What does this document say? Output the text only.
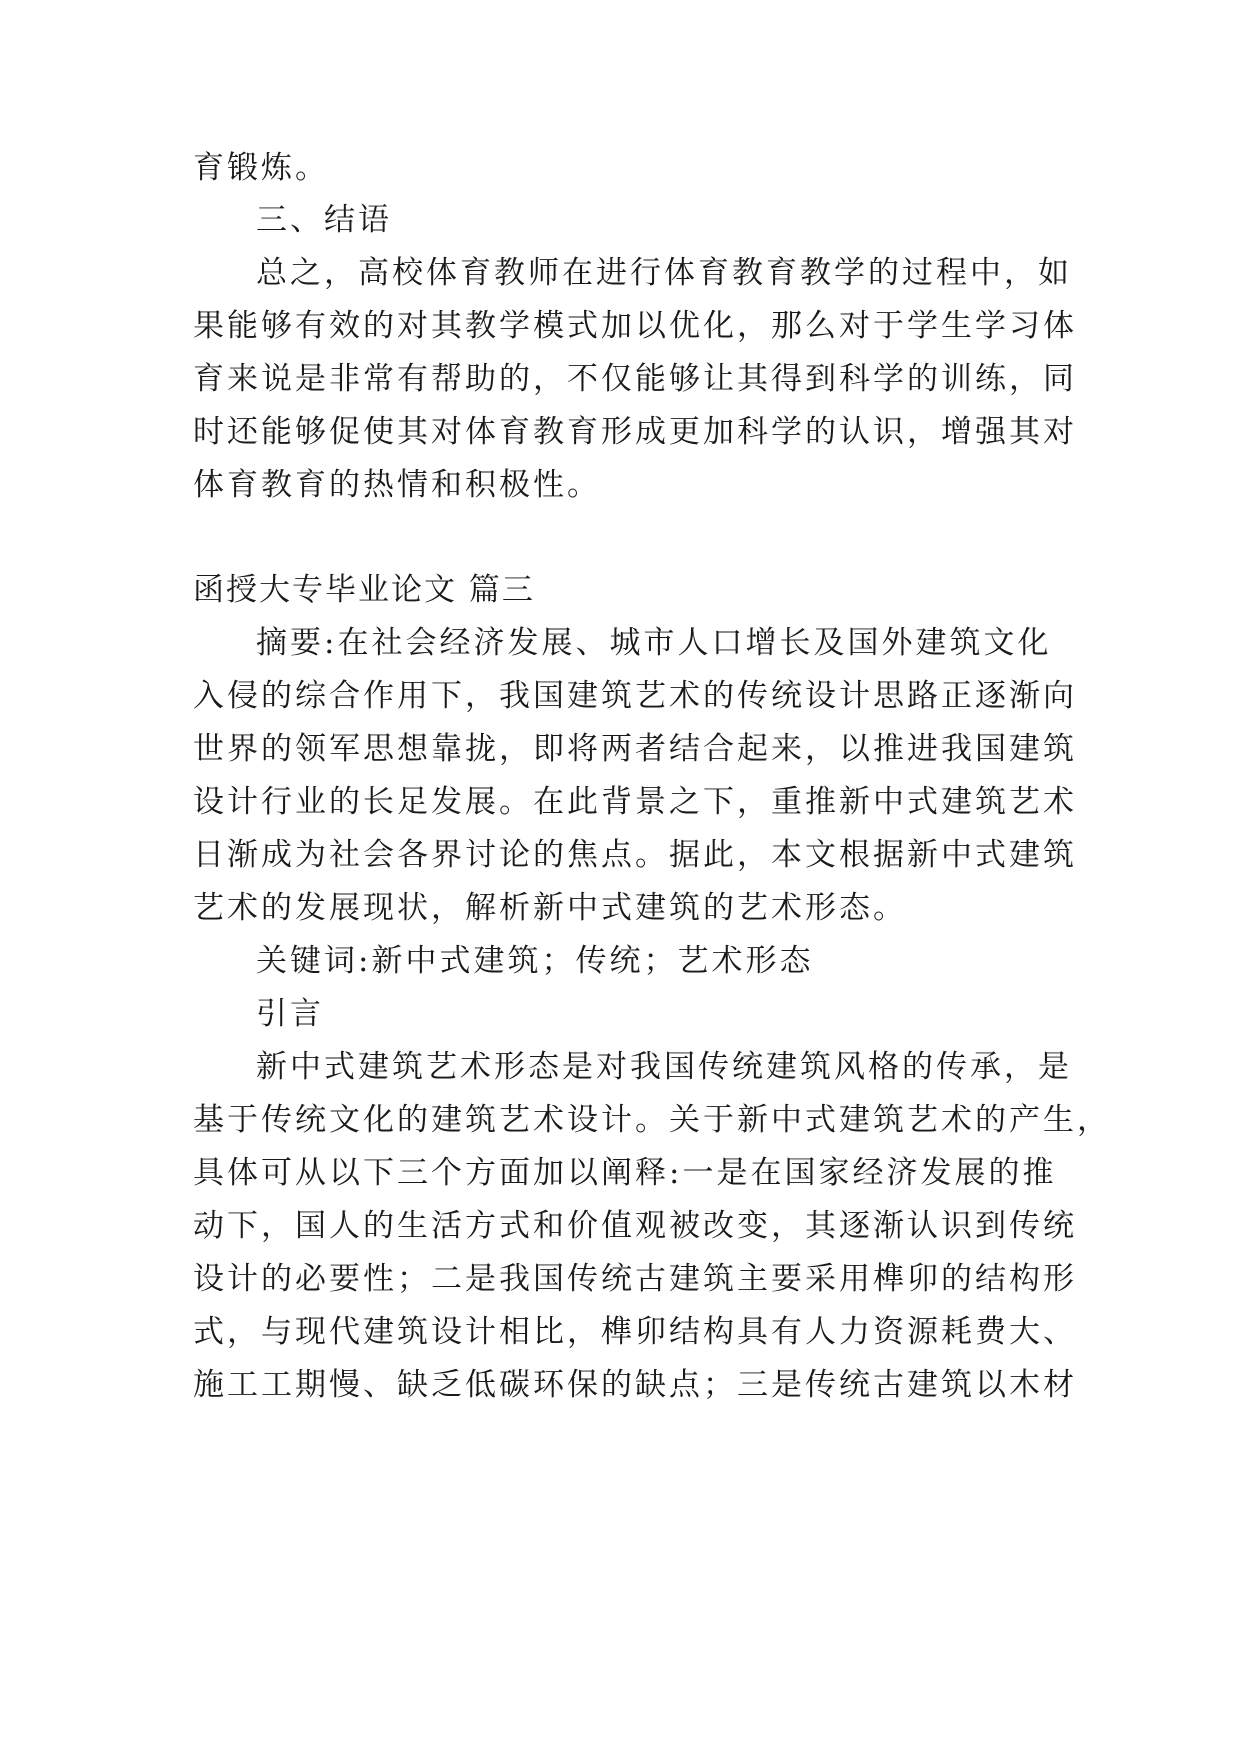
育锻炼。

三、结语

总之，高校体育教师在进行体育教育教学的过程中，如

果能够有效的对其教学模式加以优化，那么对于学生学习体

育来说是非常有帮助的，不仅能够让其得到科学的训练，同

时还能够促使其对体育教育形成更加科学的认识，增强其对

体育教育的热情和积极性。

函授大专毕业论文 篇三

摘要:在社会经济发展、城市人口增长及国外建筑文化

入侵的综合作用下，我国建筑艺术的传统设计思路正逐渐向

世界的领军思想靠拢，即将两者结合起来，以推进我国建筑

设计行业的长足发展。在此背景之下，重推新中式建筑艺术

日渐成为社会各界讨论的焦点。据此，本文根据新中式建筑

艺术的发展现状，解析新中式建筑的艺术形态。

关键词:新中式建筑；传统；艺术形态

引言

新中式建筑艺术形态是对我国传统建筑风格的传承，是

基于传统文化的建筑艺术设计。关于新中式建筑艺术的产生，

具体可从以下三个方面加以阐释:一是在国家经济发展的推

动下，国人的生活方式和价值观被改变，其逐渐认识到传统

设计的必要性；二是我国传统古建筑主要采用榫卯的结构形

式，与现代建筑设计相比，榫卯结构具有人力资源耗费大、

施工工期慢、缺乏低碳环保的缺点；三是传统古建筑以木材
